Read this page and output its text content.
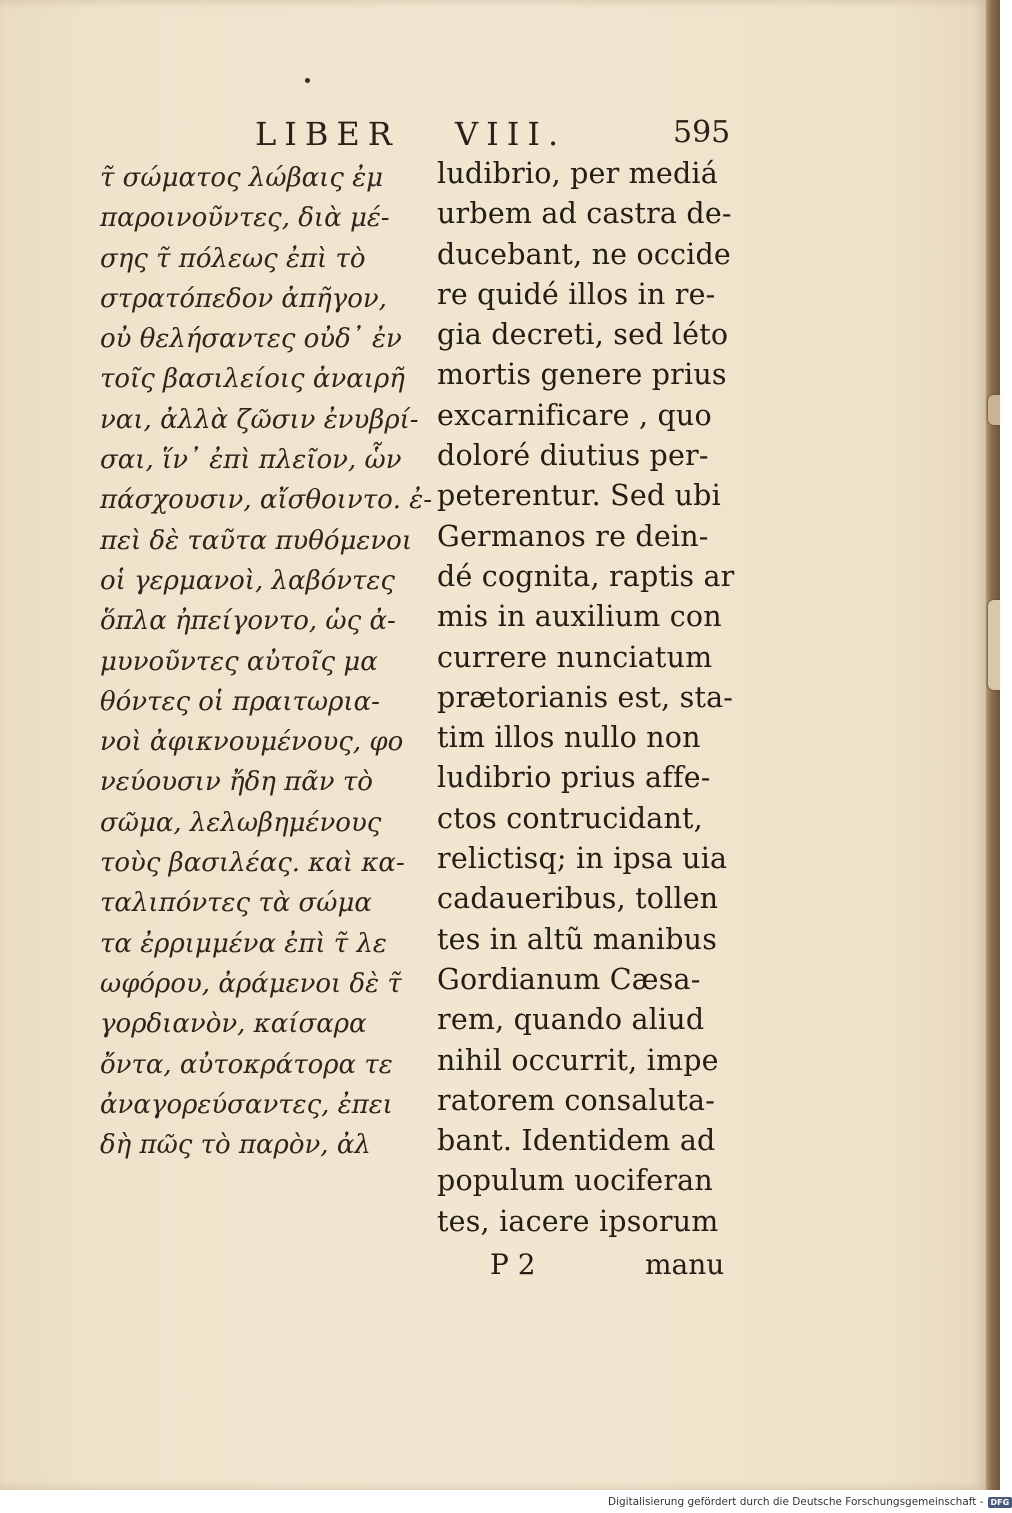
LIBER VIII.	595
τ̃ σώματος λώβαις ἐμ
παροινοῦντες, διὰ μέ-
σης τ̃ πόλεως ἐπὶ τὸ
στρατόπεδον ἀπῆγον,
οὐ θελήσαντες οὐδ᾽ ἐν
τοῖς βασιλείοις ἀναιρῆ
ναι, ἀλλὰ ζῶσιν ἐνυβρί-
σαι, ἵν᾽ ἐπὶ πλεῖον, ὧν
πάσχουσιν, αἴσθοιντο. ἐ-
πεὶ δὲ ταῦτα πυθόμενοι
οἱ γερμανοὶ, λαβόντες
ὅπλα ἠπείγοντο, ὡς ἀ-
μυνοῦντες αὐτοῖς μα
θόντες οἱ πραιτωρια-
νοὶ ἀφικνουμένους, φο
νεύουσιν ἤδη πᾶν τὸ
σῶμα, λελωβημένους
τοὺς βασιλέας. καὶ κα-
ταλιπόντες τὰ σώμα
τα ἐρριμμένα ἐπὶ τ̃ λε
ωφόρου, ἀράμενοι δὲ τ̃
γορδιανὸν, καίσαρα
ὄντα, αὐτοκράτορα τε
ἀναγορεύσαντες, ἐπει
δὴ πῶς τὸ παρὸν, ἀλ
ludibrio, per mediá
urbem ad castra de-
ducebant, ne occide
re quidé illos in re-
gia decreti, sed léto
mortis genere prius
excarnificare , quo
doloré diutius per-
peterentur. Sed ubi
Germanos re dein-
dé cognita, raptis ar
mis in auxilium con
currere nunciatum
prætorianis est, sta-
tim illos nullo non
ludibrio prius affe-
ctos contrucidant,
relictisq; in ipsa uia
cadaueribus, tollen
tes in altũ manibus
Gordianum Cæsa-
rem, quando aliud
nihil occurrit, impe
ratorem consaluta-
bant. Identidem ad
populum uociferan
tes, iacere ipsorum
P 2	manu
Digitalisierung gefördert durch die Deutsche Forschungsgemeinschaft - DFG
